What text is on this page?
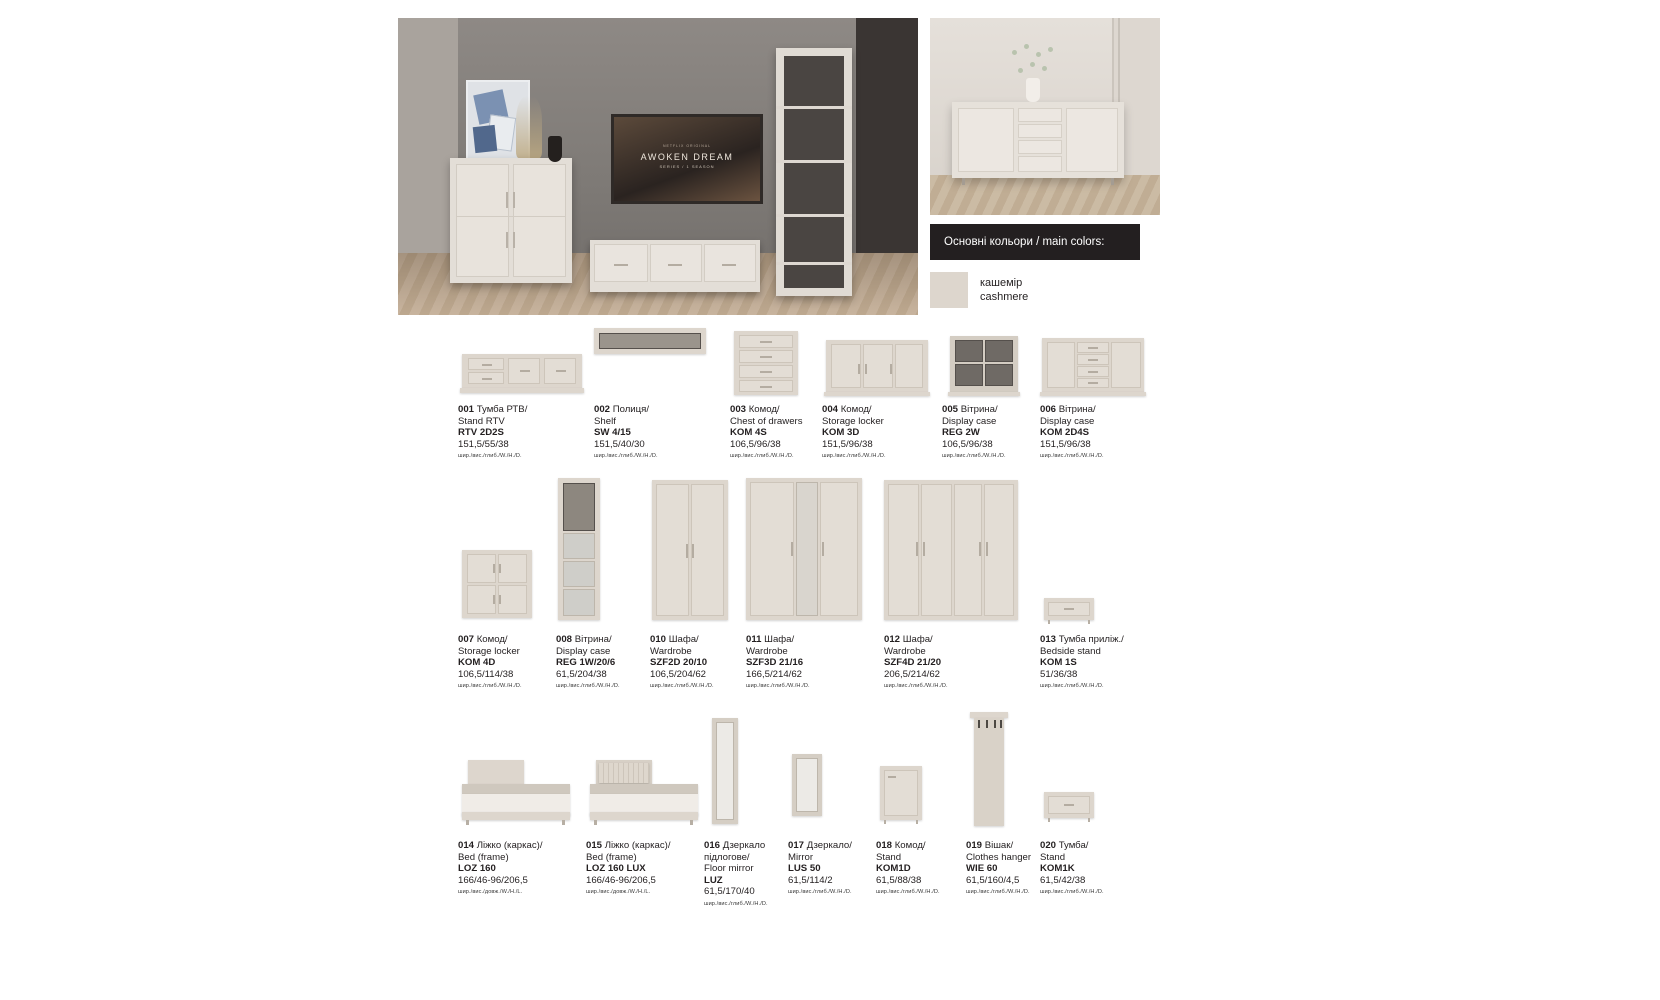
NETFLIX ORIGINAL
AWOKEN DREAM
SERIES / 1 SEASON
Основні кольори / main colors:
кашемір
cashmere
001 Тумба РТВ/
Stand RTV
RTV 2D2S
151,5/55/38
шир./вис./глиб./W./H./D.
002 Полиця/
Shelf
SW 4/15
151,5/40/30
шир./вис./глиб./W./H./D.
003 Комод/
Chest of drawers
KOM 4S
106,5/96/38
шир./вис./глиб./W./H./D.
004 Комод/
Storage locker
KOM 3D
151,5/96/38
шир./вис./глиб./W./H./D.
005 Вітрина/
Display case
REG 2W
106,5/96/38
шир./вис./глиб./W./H./D.
006 Вітрина/
Display case
KOM 2D4S
151,5/96/38
шир./вис./глиб./W./H./D.
007 Комод/
Storage locker
KOM 4D
106,5/114/38
шир./вис./глиб./W./H./D.
008 Вітрина/
Display case
REG 1W/20/6
61,5/204/38
шир./вис./глиб./W./H./D.
010 Шафа/
Wardrobe
SZF2D 20/10
106,5/204/62
шир./вис./глиб./W./H./D.
011 Шафа/
Wardrobe
SZF3D 21/16
166,5/214/62
шир./вис./глиб./W./H./D.
012 Шафа/
Wardrobe
SZF4D 21/20
206,5/214/62
шир./вис./глиб./W./H./D.
013 Тумба приліж./
Bedside stand
KOM 1S
51/36/38
шир./вис./глиб./W./H./D.
014 Ліжко (каркас)/
Bed (frame)
LOZ 160
166/46-96/206,5
шир./вис./довж./W./H./L.
015 Ліжко (каркас)/
Bed (frame)
LOZ 160 LUX
166/46-96/206,5
шир./вис./довж./W./H./L.
016 Дзеркало
підлогове/
Floor mirror
LUZ
61,5/170/40
шир./вис./глиб./W./H./D.
017 Дзеркало/
Mirror
LUS 50
61,5/114/2
шир./вис./глиб./W./H./D.
018 Комод/
Stand
KOM1D
61,5/88/38
шир./вис./глиб./W./H./D.
019 Вішак/
Clothes hanger
WIE 60
61,5/160/4,5
шир./вис./глиб./W./H./D.
020 Тумба/
Stand
KOM1K
61,5/42/38
шир./вис./глиб./W./H./D.
